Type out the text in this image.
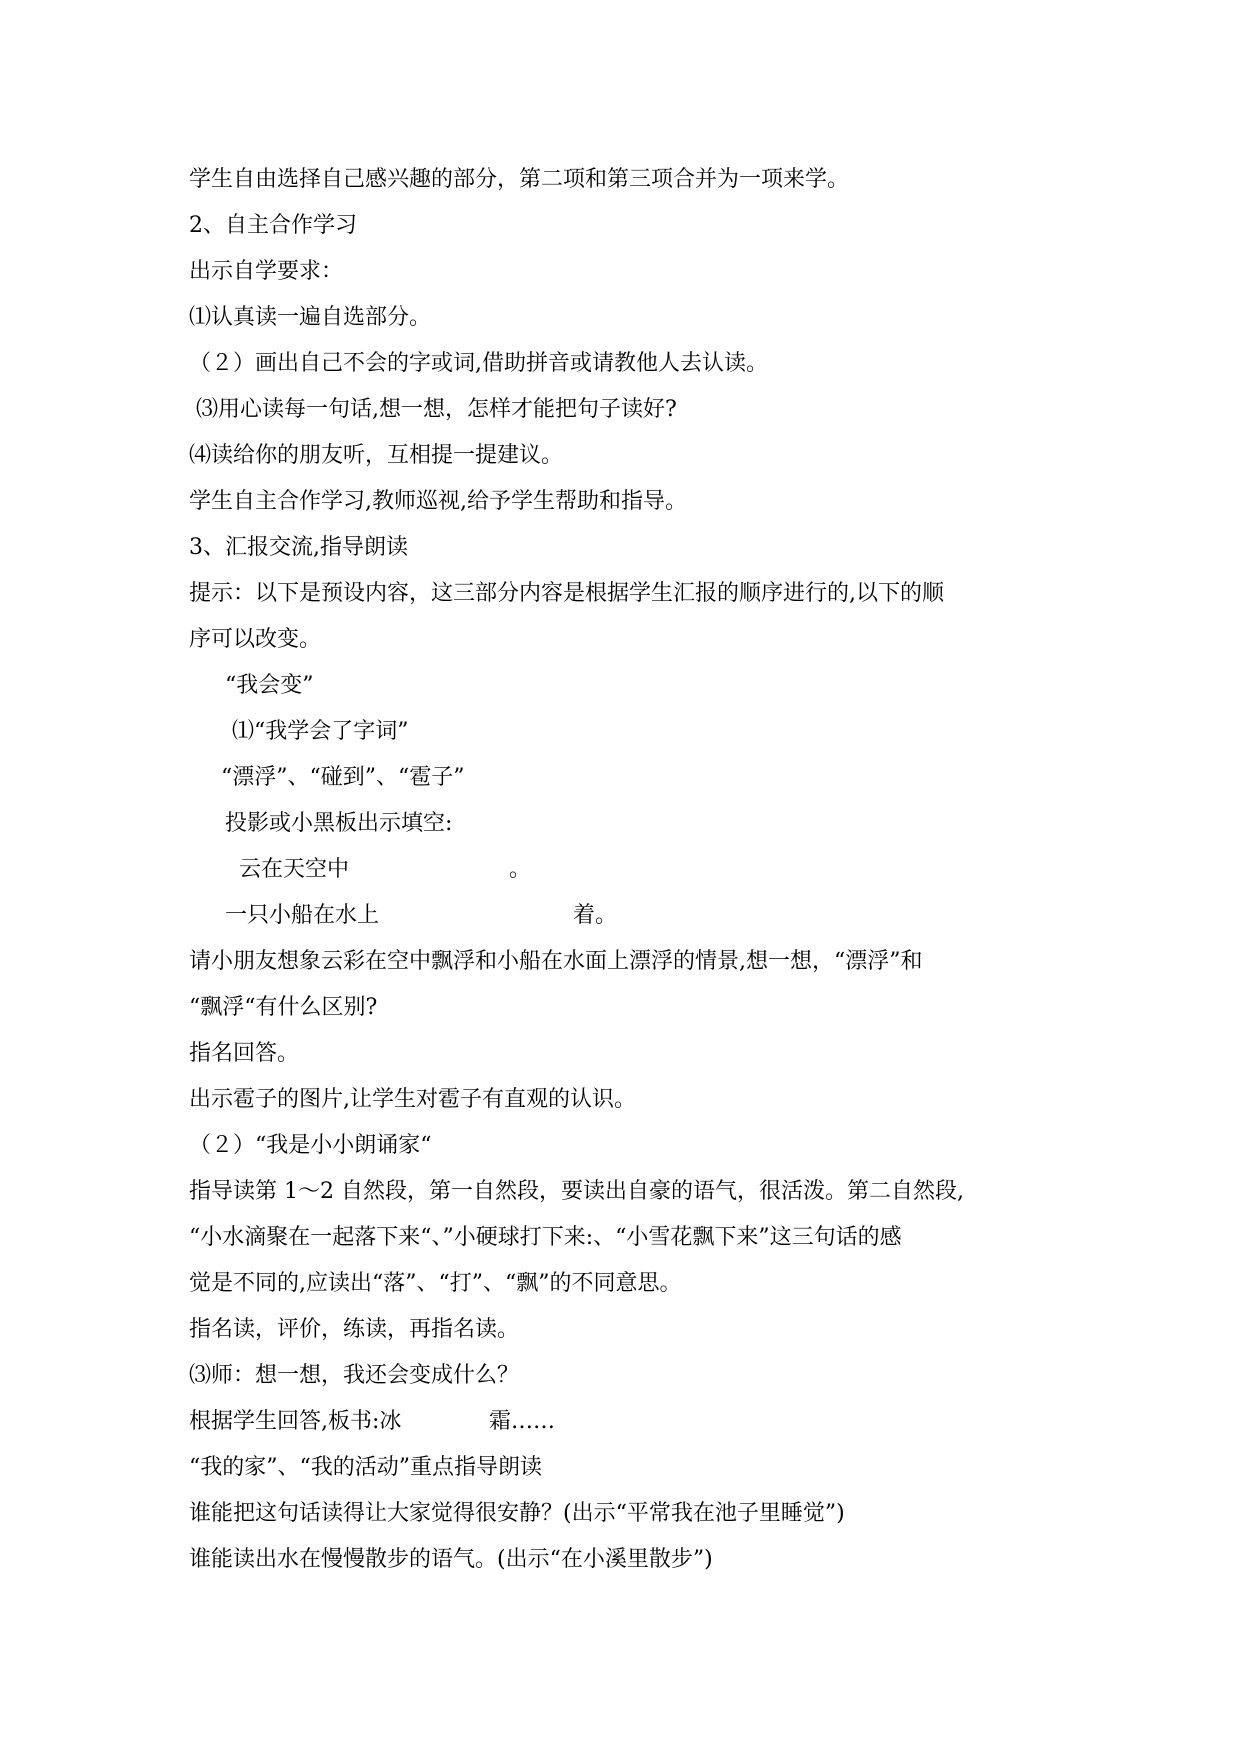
学生自由选择自己感兴趣的部分，第二项和第三项合并为一项来学。
2、自主合作学习
出示自学要求：
⑴认真读一遍自选部分。
（２）画出自己不会的字或词,借助拼音或请教他人去认读。
⑶用心读每一句话,想一想，怎样才能把句子读好?
⑷读给你的朋友听，互相提一提建议。
学生自主合作学习,教师巡视,给予学生帮助和指导。
3、汇报交流,指导朗读
提示：以下是预设内容，这三部分内容是根据学生汇报的顺序进行的,以下的顺
序可以改变。
“我会变”
⑴“我学会了字词”
“漂浮”、“碰到”、“雹子”
投影或小黑板出示填空:
云在天空中	。
一只小船在水上	着。
请小朋友想象云彩在空中飘浮和小船在水面上漂浮的情景,想一想，“漂浮”和
“飘浮“有什么区别?
指名回答。
出示雹子的图片,让学生对雹子有直观的认识。
（２）“我是小小朗诵家“
指导读第 1～2 自然段，第一自然段，要读出自豪的语气，很活泼。第二自然段,
“小水滴聚在一起落下来“、”小硬球打下来:、“小雪花飘下来”这三句话的感
觉是不同的,应读出“落”、“打”、“飘”的不同意思。
指名读，评价，练读，再指名读。
⑶师：想一想，我还会变成什么？
根据学生回答,板书:冰	霜……
“我的家”、“我的活动”重点指导朗读
谁能把这句话读得让大家觉得很安静？(出示“平常我在池子里睡觉”)
谁能读出水在慢慢散步的语气。(出示“在小溪里散步”)
